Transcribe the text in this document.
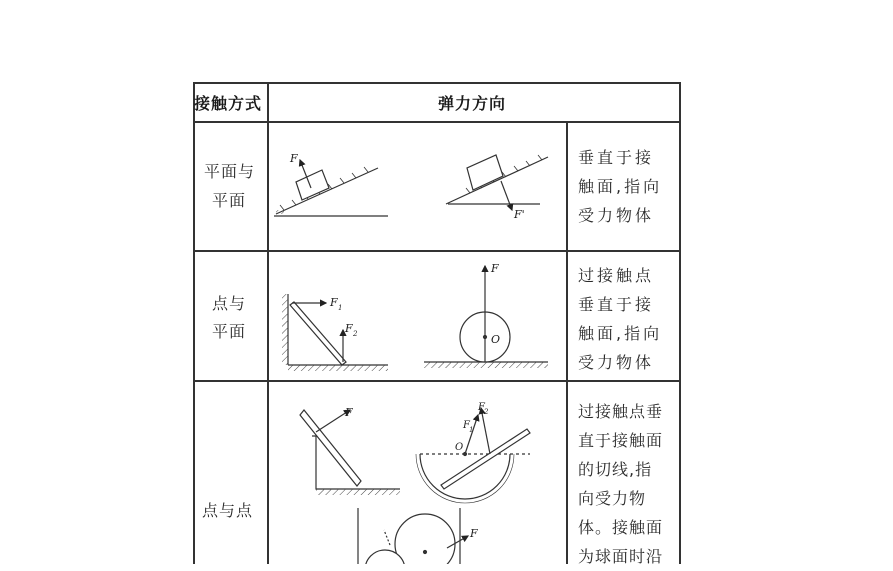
接触方式	弹力方向
平面与
平面
垂直于接
触面,指向
受力物体
点与
平面
过接触点
垂直于接
触面,指向
受力物体
点与点
过接触点垂
直于接触面
的切线,指
向受力物
体。接触面
为球面时沿
F
F'
F 1
F 2
F
O
F
F 1
F 2
O
F
